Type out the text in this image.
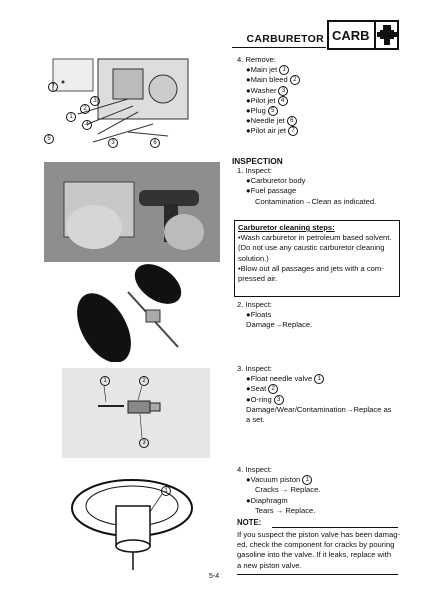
CARBURETOR CARB
7
1
2
3
4
5
3	6
1	2
3
1
4. Remove:
●Main jet 1
●Main bleed 2
●Washer 3
●Pilot jet 4
●Plug 5
●Needle jet 6
●Pilot air jet 7
INSPECTION
1. Inspect:
●Carburetor body
●Fuel passage
Contamination→Clean as indicated.
Carburetor cleaning steps:
•Wash carburetor in petroleum based solvent.
(Do not use any caustic carburetor cleaning
solution.)
•Blow out all passages and jets with a com-
pressed air.
2. Inspect:
●Floats
Damage→Replace.
3. Inspect:
●Float needle valve 1
●Seat 2
●O-ring 3
Damage/Wear/Contamination→Replace as
a set.
4. Inspect:
●Vacuum piston 1
Cracks → Replace.
●Diaphragm
Tears → Replace.
NOTE:
If you suspect the piston valve has been damag-
ed, check the component for cracks by pouring
gasoline into the valve. If it leaks, replace with
a new piston valve.
5-4
